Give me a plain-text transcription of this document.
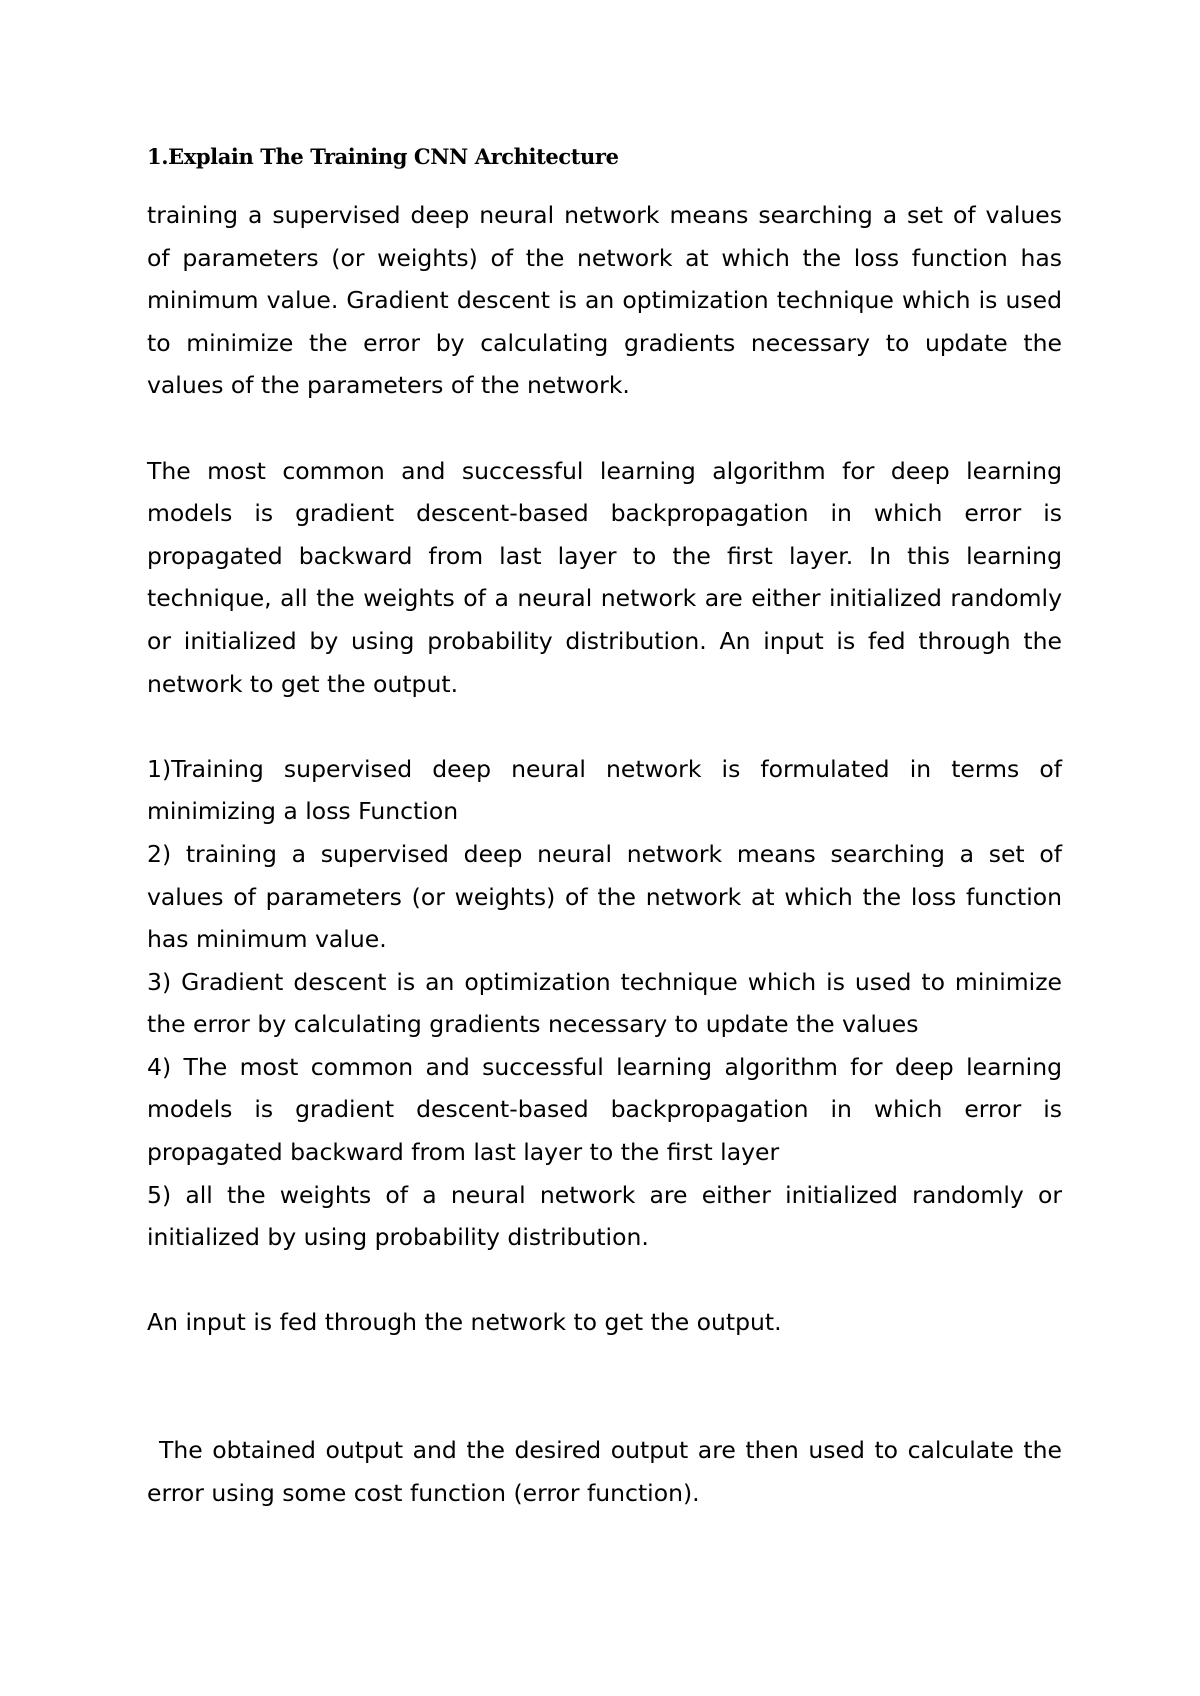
1.Explain The Training CNN Architecture

training a supervised deep neural network means searching a set of values of parameters (or weights) of the network at which the loss function has minimum value. Gradient descent is an optimization technique which is used to minimize the error by calculating gradients necessary to update the values of the parameters of the network.

The most common and successful learning algorithm for deep learning models is gradient descent-based backpropagation in which error is propagated backward from last layer to the first layer. In this learning technique, all the weights of a neural network are either initialized randomly or initialized by using probability distribution. An input is fed through the network to get the output.

1)Training supervised deep neural network is formulated in terms of minimizing a loss Function
2) training a supervised deep neural network means searching a set of values of parameters (or weights) of the network at which the loss function has minimum value.
3) Gradient descent is an optimization technique which is used to minimize the error by calculating gradients necessary to update the values
4) The most common and successful learning algorithm for deep learning models is gradient descent-based backpropagation in which error is propagated backward from last layer to the first layer
5) all the weights of a neural network are either initialized randomly or initialized by using probability distribution.

An input is fed through the network to get the output.

The obtained output and the desired output are then used to calculate the error using some cost function (error function).
